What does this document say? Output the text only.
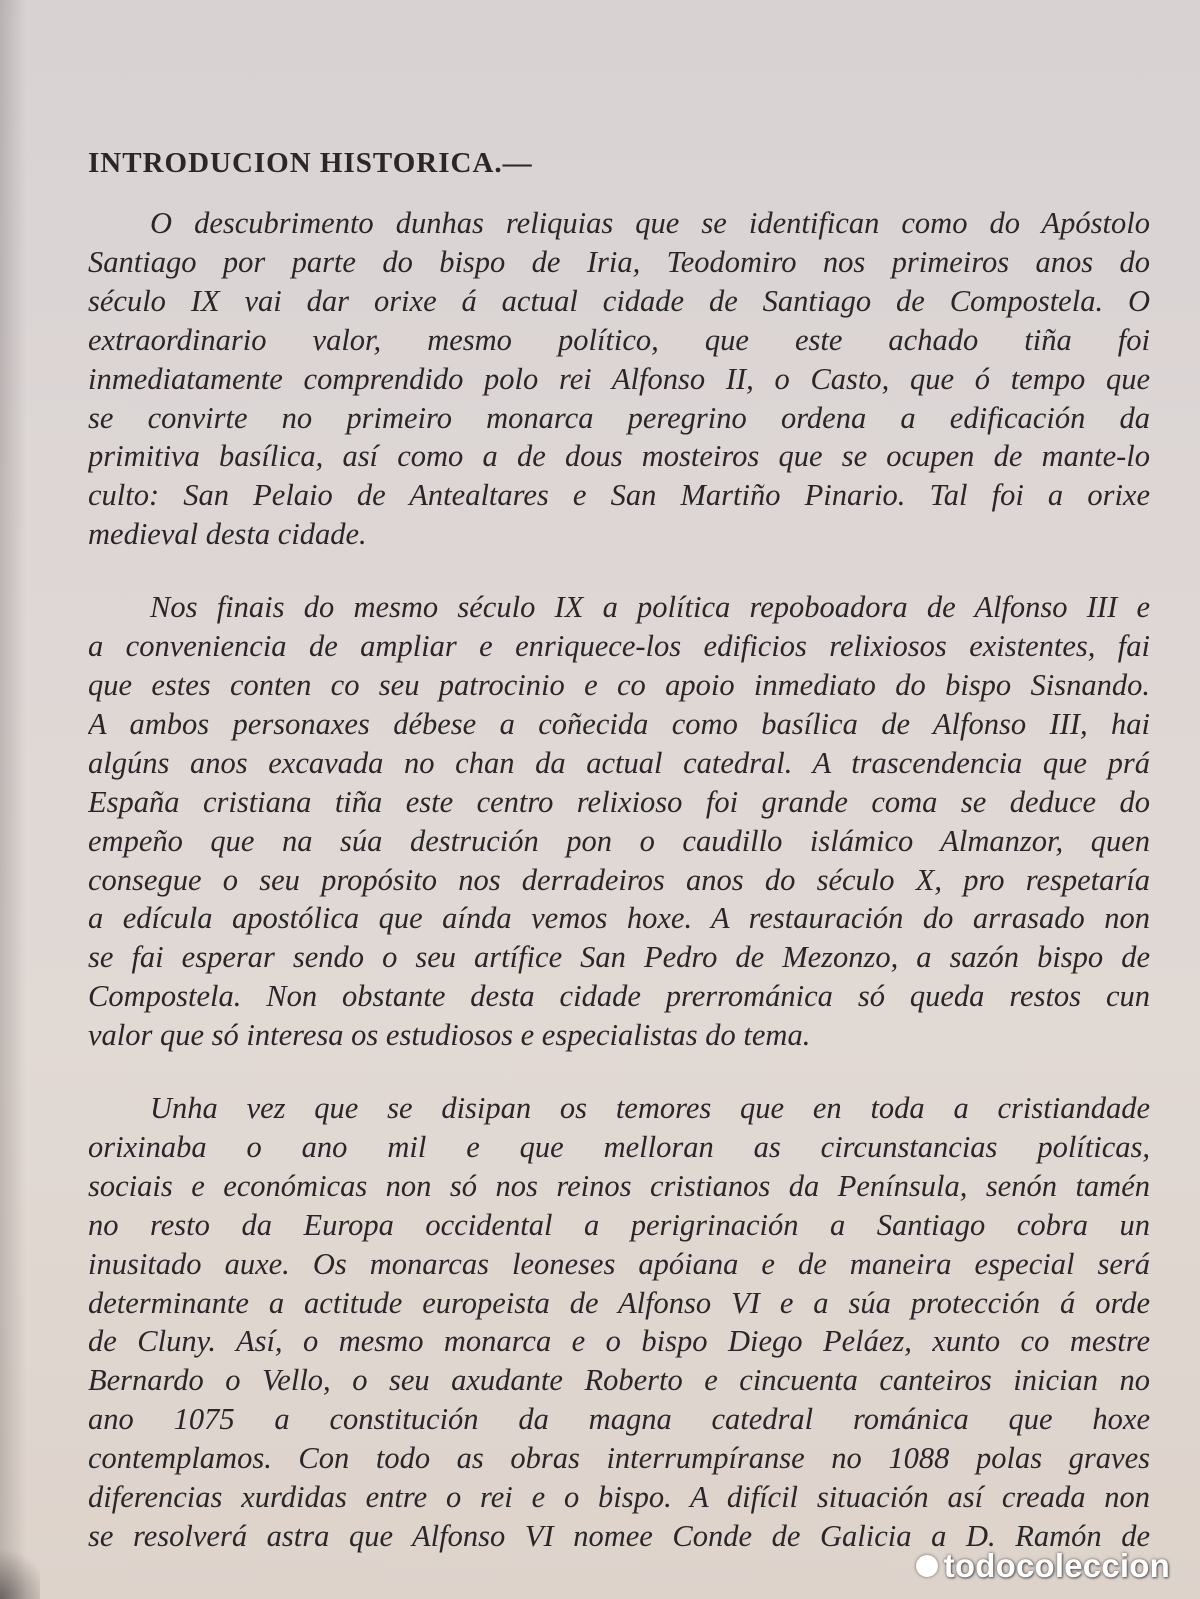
INTRODUCION HISTORICA.—

O descubrimento dunhas reliquias que se identifican como do Apóstolo
Santiago por parte do bispo de Iria, Teodomiro nos primeiros anos do
século IX vai dar orixe á actual cidade de Santiago de Compostela. O
extraordinario valor, mesmo político, que este achado tiña foi
inmediatamente comprendido polo rei Alfonso II, o Casto, que ó tempo que
se convirte no primeiro monarca peregrino ordena a edificación da
primitiva basílica, así como a de dous mosteiros que se ocupen de mante-lo
culto: San Pelaio de Antealtares e San Martiño Pinario. Tal foi a orixe
medieval desta cidade.

Nos finais do mesmo século IX a política repoboadora de Alfonso III e
a conveniencia de ampliar e enriquece-los edificios relixiosos existentes, fai
que estes conten co seu patrocinio e co apoio inmediato do bispo Sisnando.
A ambos personaxes débese a coñecida como basílica de Alfonso III, hai
algúns anos excavada no chan da actual catedral. A trascendencia que prá
España cristiana tiña este centro relixioso foi grande coma se deduce do
empeño que na súa destrución pon o caudillo islámico Almanzor, quen
consegue o seu propósito nos derradeiros anos do século X, pro respetaría
a edícula apostólica que aínda vemos hoxe. A restauración do arrasado non
se fai esperar sendo o seu artífice San Pedro de Mezonzo, a sazón bispo de
Compostela. Non obstante desta cidade prerrománica só queda restos cun
valor que só interesa os estudiosos e especialistas do tema.

Unha vez que se disipan os temores que en toda a cristiandade
orixinaba o ano mil e que melloran as circunstancias políticas,
sociais e económicas non só nos reinos cristianos da Península, senón tamén
no resto da Europa occidental a perigrinación a Santiago cobra un
inusitado auxe. Os monarcas leoneses apóiana e de maneira especial será
determinante a actitude europeista de Alfonso VI e a súa protección á orde
de Cluny. Así, o mesmo monarca e o bispo Diego Peláez, xunto co mestre
Bernardo o Vello, o seu axudante Roberto e cincuenta canteiros inician no
ano 1075 a constitución da magna catedral románica que hoxe
contemplamos. Con todo as obras interrumpíranse no 1088 polas graves
diferencias xurdidas entre o rei e o bispo. A difícil situación así creada non
se resolverá astra que Alfonso VI nomee Conde de Galicia a D. Ramón de

todocoleccion
